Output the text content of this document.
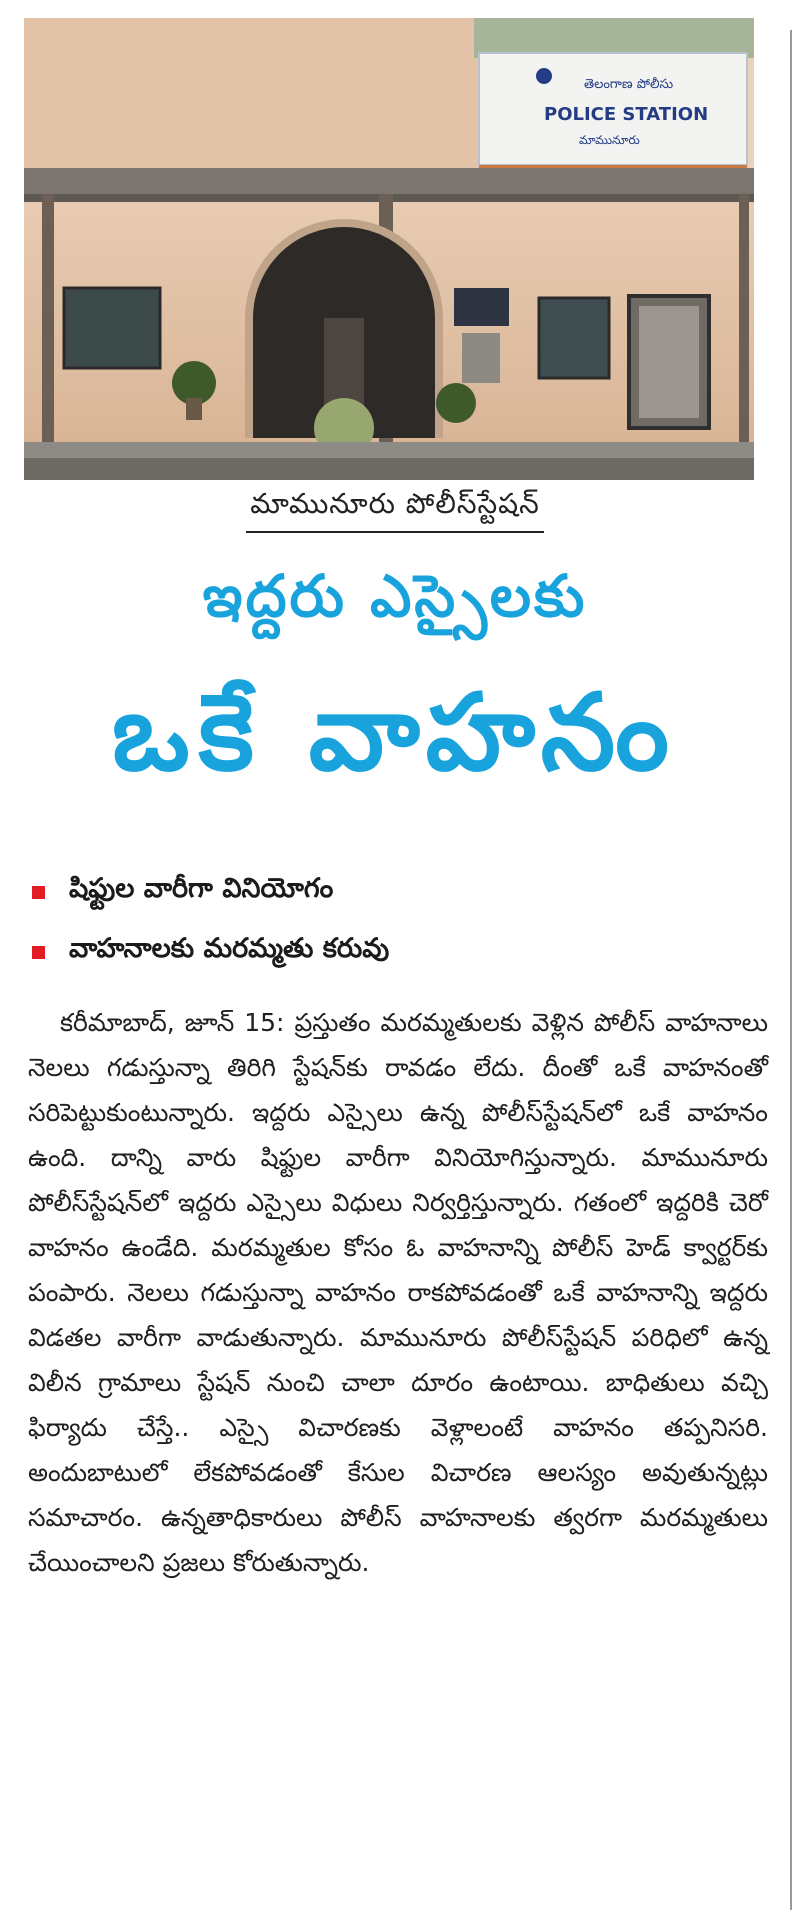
తెలంగాణ పోలీసు
POLICE STATION
మామునూరు
మామునూరు పోలీస్‌స్టేషన్
ఇద్దరు ఎస్సైలకు
ఒకే వాహనం
షిఫ్టుల వారీగా వినియోగం
వాహనాలకు మరమ్మతు కరువు

కరీమాబాద్, జూన్ 15: ప్రస్తుతం మరమ్మతులకు వెళ్లిన పోలీస్ వాహనాలు నెలలు గడుస్తున్నా తిరిగి స్టేషన్‌కు రావడం లేదు. దీంతో ఒకే వాహనంతో సరిపెట్టుకుంటున్నారు. ఇద్దరు ఎస్సైలు ఉన్న పోలీస్‌స్టేషన్‌లో ఒకే వాహనం ఉంది. దాన్ని వారు షిఫ్టుల వారీగా వినియోగిస్తున్నారు. మామునూరు పోలీస్‌స్టేషన్‌లో ఇద్దరు ఎస్సైలు విధులు నిర్వర్తిస్తున్నారు. గతంలో ఇద్దరికి చెరో వాహనం ఉండేది. మరమ్మతుల కోసం ఓ వాహనాన్ని పోలీస్ హెడ్ క్వార్టర్‌కు పంపారు. నెలలు గడుస్తున్నా వాహనం రాకపోవడంతో ఒకే వాహనాన్ని ఇద్దరు విడతల వారీగా వాడుతున్నారు. మామునూరు పోలీస్‌స్టేషన్ పరిధిలో ఉన్న విలీన గ్రామాలు స్టేషన్ నుంచి చాలా దూరం ఉంటాయి. బాధితులు వచ్చి ఫిర్యాదు చేస్తే.. ఎస్సై విచారణకు వెళ్లాలంటే వాహనం తప్పనిసరి. అందుబాటులో లేకపోవడంతో కేసుల విచారణ ఆలస్యం అవుతున్నట్లు సమాచారం. ఉన్నతాధికారులు పోలీస్ వాహనాలకు త్వరగా మరమ్మతులు చేయించాలని ప్రజలు కోరుతున్నారు.
